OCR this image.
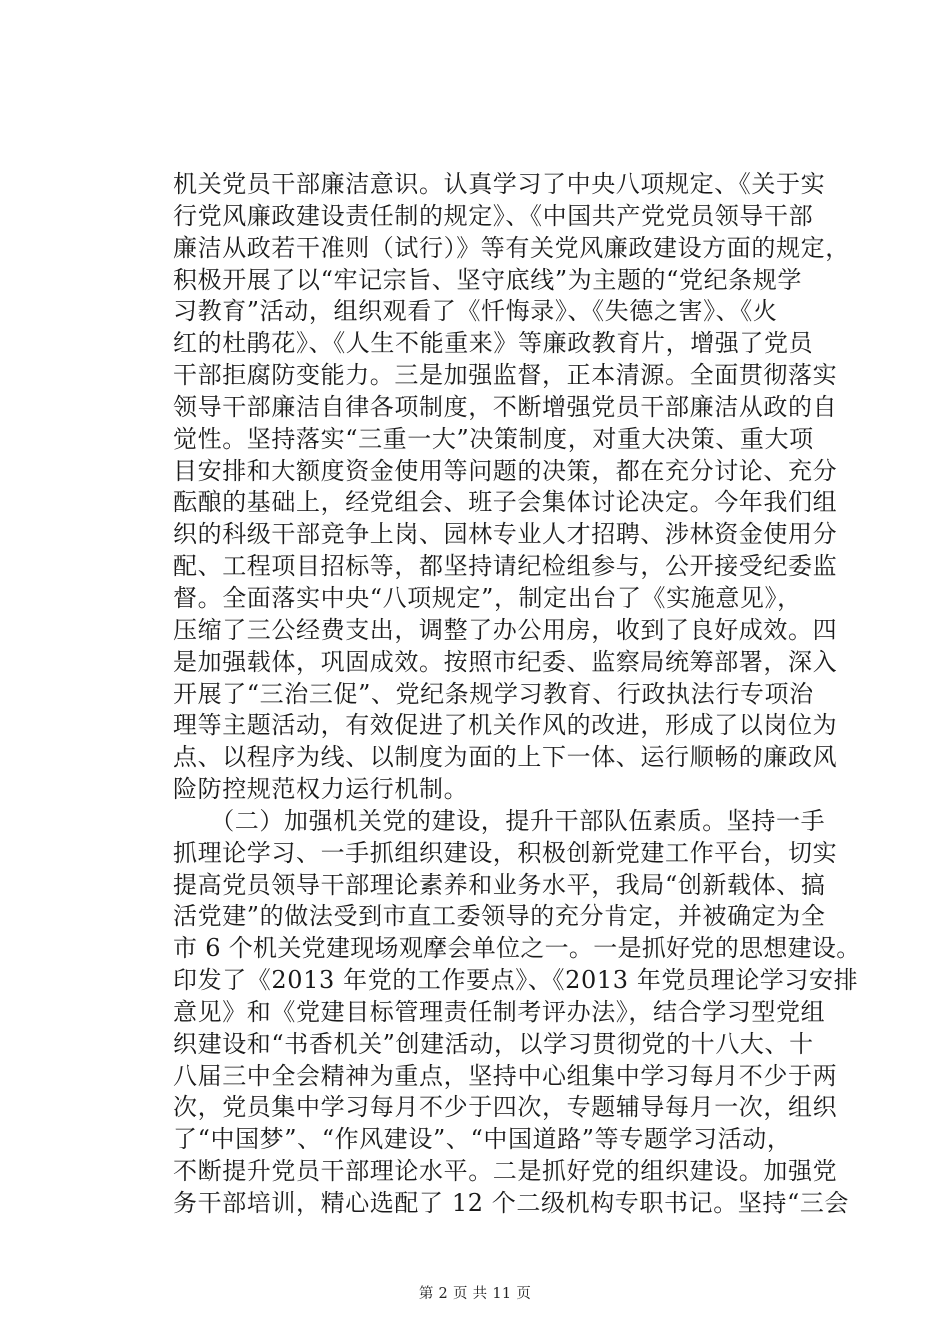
机关党员干部廉洁意识。认真学习了中央八项规定、《关于实
行党风廉政建设责任制的规定》、《中国共产党党员领导干部
廉洁从政若干准则（试行）》等有关党风廉政建设方面的规定，
积极开展了以“牢记宗旨、坚守底线”为主题的“党纪条规学
习教育”活动，组织观看了《忏悔录》、《失德之害》、《火
红的杜鹃花》、《人生不能重来》等廉政教育片，增强了党员
干部拒腐防变能力。三是加强监督，正本清源。全面贯彻落实
领导干部廉洁自律各项制度，不断增强党员干部廉洁从政的自
觉性。坚持落实“三重一大”决策制度，对重大决策、重大项
目安排和大额度资金使用等问题的决策，都在充分讨论、充分
酝酿的基础上，经党组会、班子会集体讨论决定。今年我们组
织的科级干部竞争上岗、园林专业人才招聘、涉林资金使用分
配、工程项目招标等，都坚持请纪检组参与，公开接受纪委监
督。全面落实中央“八项规定”，制定出台了《实施意见》，
压缩了三公经费支出，调整了办公用房，收到了良好成效。四
是加强载体，巩固成效。按照市纪委、监察局统筹部署，深入
开展了“三治三促”、党纪条规学习教育、行政执法行专项治
理等主题活动，有效促进了机关作风的改进，形成了以岗位为
点、以程序为线、以制度为面的上下一体、运行顺畅的廉政风
险防控规范权力运行机制。
　　（二）加强机关党的建设，提升干部队伍素质。坚持一手
抓理论学习、一手抓组织建设，积极创新党建工作平台，切实
提高党员领导干部理论素养和业务水平，我局“创新载体、搞
活党建”的做法受到市直工委领导的充分肯定，并被确定为全
市 6 个机关党建现场观摩会单位之一。一是抓好党的思想建设。
印发了《2013 年党的工作要点》、《2013 年党员理论学习安排
意见》和《党建目标管理责任制考评办法》，结合学习型党组
织建设和“书香机关”创建活动，以学习贯彻党的十八大、十
八届三中全会精神为重点，坚持中心组集中学习每月不少于两
次，党员集中学习每月不少于四次，专题辅导每月一次，组织
了“中国梦”、“作风建设”、“中国道路”等专题学习活动，
不断提升党员干部理论水平。二是抓好党的组织建设。加强党
务干部培训，精心选配了 12 个二级机构专职书记。坚持“三会
第 2 页 共 11 页
